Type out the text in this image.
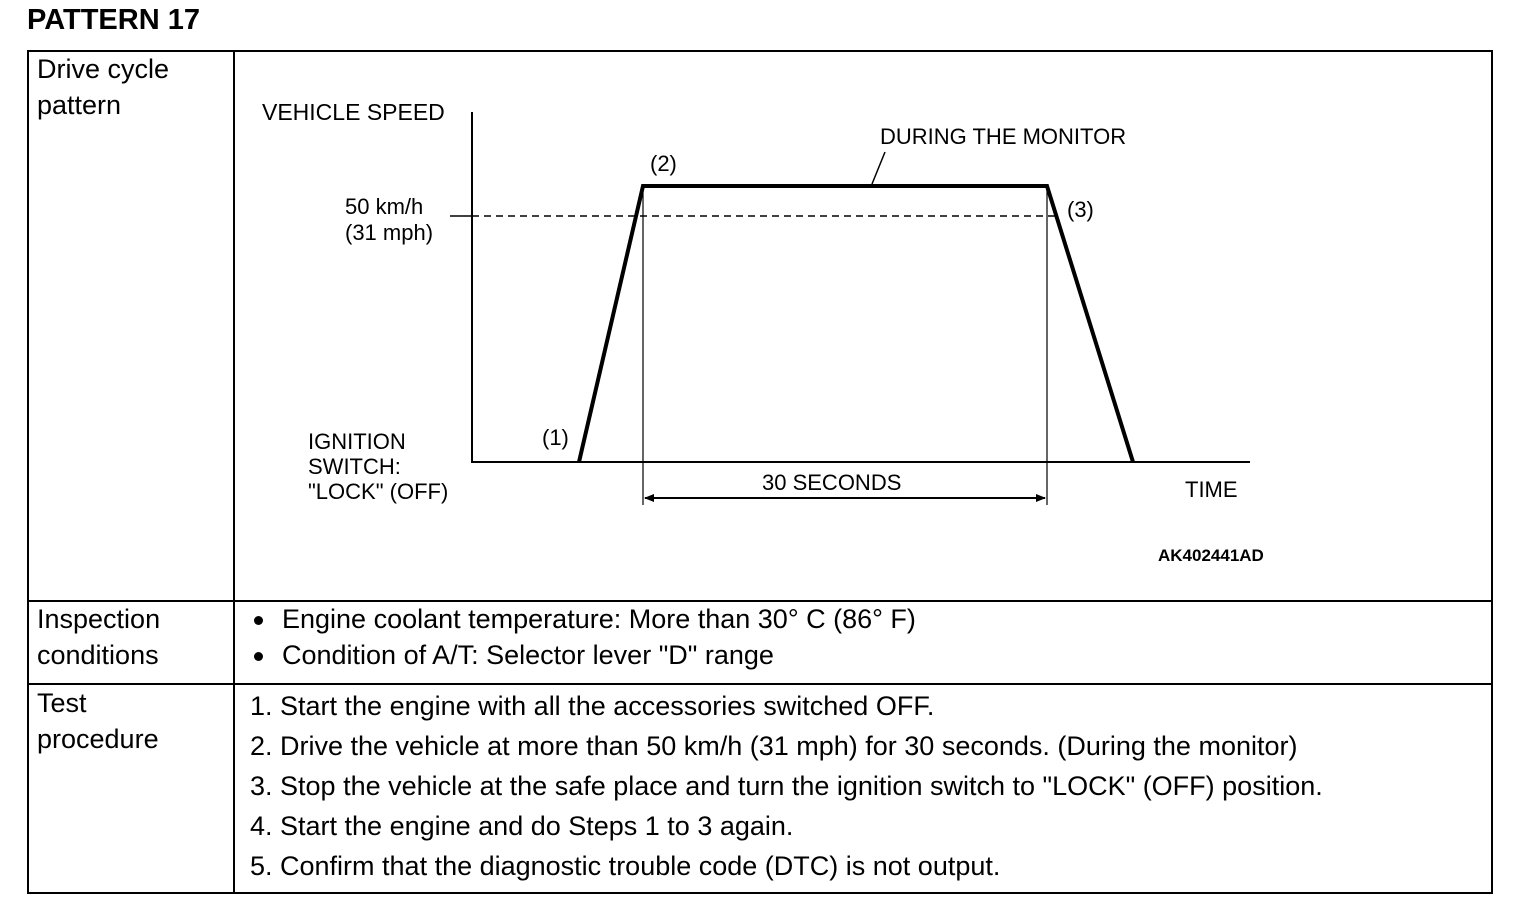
PATTERN 17
Drive cycle
pattern
Inspection
conditions
Test
procedure
VEHICLE SPEED
50 km/h
(31 mph)
DURING THE MONITOR
(2)
(3)
(1)
IGNITION
SWITCH:
"LOCK" (OFF)	30 SECONDS	TIME
AK402441AD
Engine coolant temperature: More than 30° C (86° F)
Condition of A/T: Selector lever "D" range
1. Start the engine with all the accessories switched OFF.
2. Drive the vehicle at more than 50 km/h (31 mph) for 30 seconds. (During the monitor)
3. Stop the vehicle at the safe place and turn the ignition switch to "LOCK" (OFF) position.
4. Start the engine and do Steps 1 to 3 again.
5. Confirm that the diagnostic trouble code (DTC) is not output.
